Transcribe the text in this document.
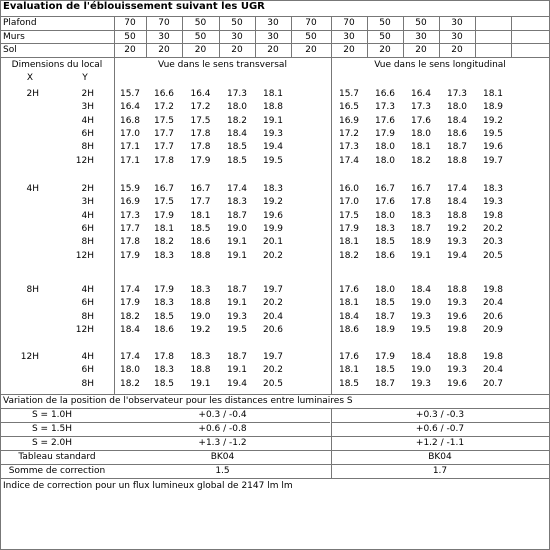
Evaluation de l'éblouissement suivant les UGR
Plafond	70	70	50	50	30	70	70	50	50	30
Murs	50	30	50	30	30	50	30	50	30	30
Sol	20	20	20	20	20	20	20	20	20	20
Dimensions du local
X	Y
Vue dans le sens transversal	Vue dans le sens longitudinal
2H	2H	15.7	16.6	16.4	17.3	18.1	15.7	16.6	16.4	17.3	18.1
3H	16.4	17.2	17.2	18.0	18.8	16.5	17.3	17.3	18.0	18.9
4H	16.8	17.5	17.5	18.2	19.1	16.9	17.6	17.6	18.4	19.2
6H	17.0	17.7	17.8	18.4	19.3	17.2	17.9	18.0	18.6	19.5
8H	17.1	17.7	17.8	18.5	19.4	17.3	18.0	18.1	18.7	19.6
12H	17.1	17.8	17.9	18.5	19.5	17.4	18.0	18.2	18.8	19.7
4H	2H	15.9	16.7	16.7	17.4	18.3	16.0	16.7	16.7	17.4	18.3
3H	16.9	17.5	17.7	18.3	19.2	17.0	17.6	17.8	18.4	19.3
4H	17.3	17.9	18.1	18.7	19.6	17.5	18.0	18.3	18.8	19.8
6H	17.7	18.1	18.5	19.0	19.9	17.9	18.3	18.7	19.2	20.2
8H	17.8	18.2	18.6	19.1	20.1	18.1	18.5	18.9	19.3	20.3
12H	17.9	18.3	18.8	19.1	20.2	18.2	18.6	19.1	19.4	20.5
8H	4H	17.4	17.9	18.3	18.7	19.7	17.6	18.0	18.4	18.8	19.8
6H	17.9	18.3	18.8	19.1	20.2	18.1	18.5	19.0	19.3	20.4
8H	18.2	18.5	19.0	19.3	20.4	18.4	18.7	19.3	19.6	20.6
12H	18.4	18.6	19.2	19.5	20.6	18.6	18.9	19.5	19.8	20.9
12H	4H	17.4	17.8	18.3	18.7	19.7	17.6	17.9	18.4	18.8	19.8
6H	18.0	18.3	18.8	19.1	20.2	18.1	18.5	19.0	19.3	20.4
8H	18.2	18.5	19.1	19.4	20.5	18.5	18.7	19.3	19.6	20.7
Variation de la position de l'observateur pour les distances entre luminaires S
S = 1.0H	+0.3 / -0.4	+0.3 / -0.3
S = 1.5H	+0.6 / -0.8	+0.6 / -0.7
S = 2.0H	+1.3 / -1.2	+1.2 / -1.1
Tableau standard	BK04	BK04
Somme de correction	1.5	1.7
Indice de correction pour un flux lumineux global de 2147 lm lm
